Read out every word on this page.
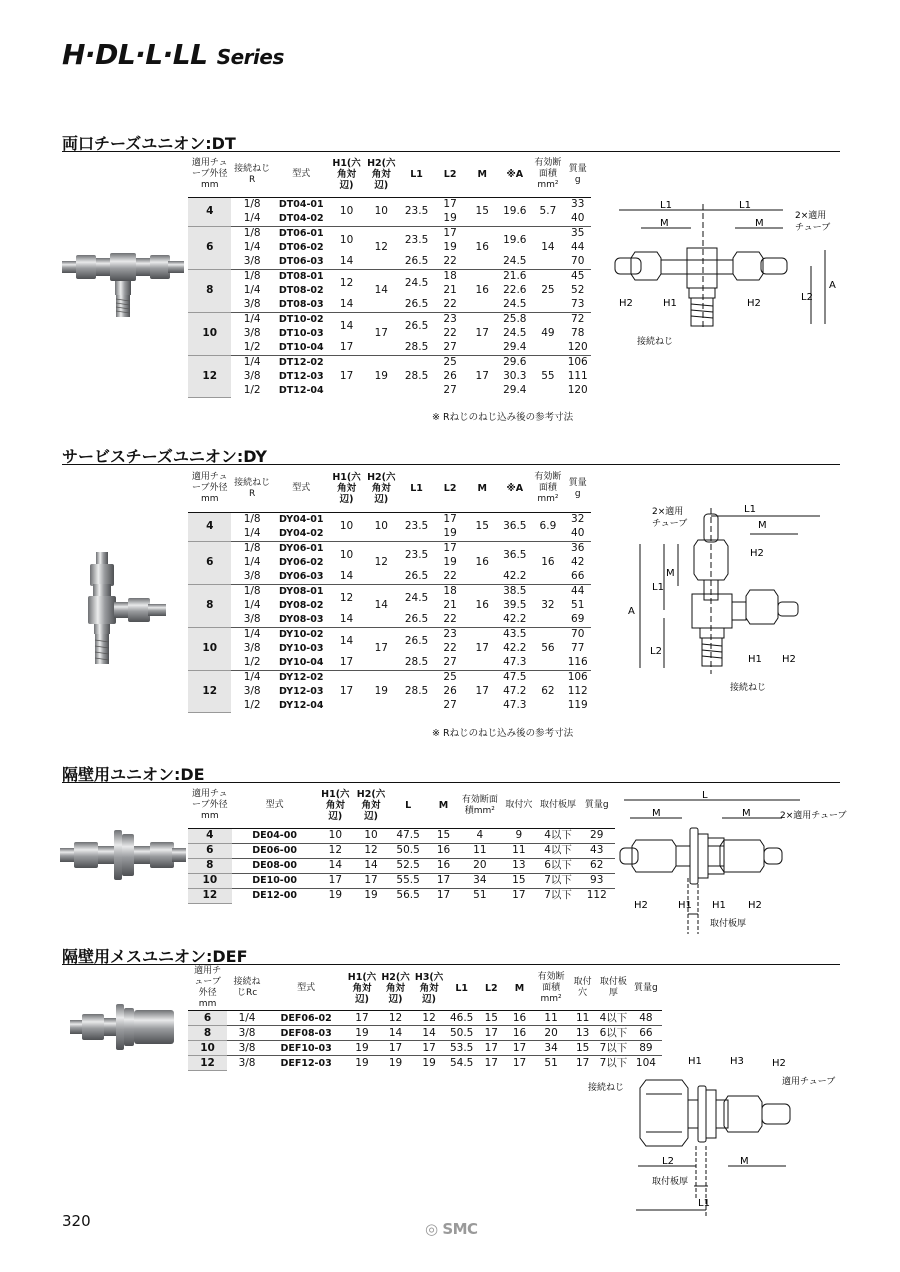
H·DL·L·LL Series
両口チーズユニオン:DT
適用チューブ外径mm	接続ねじR	型式	H1(六角対辺)	H2(六角対辺)	L1	L2	M	※A	有効断面積mm²	質量g
4	1/8	DT04-01	10	10	23.5	17	15	19.6	5.7	33
	1/4	DT04-02				19				40
6	1/8	DT06-01	10	12	23.5	17	16	19.6	14	35
	1/4	DT06-02				19				44
	3/8	DT06-03	14		26.5	22		24.5		70
8	1/8	DT08-01	12	14	24.5	18	16	21.6	25	45
	1/4	DT08-02				21		22.6		52
	3/8	DT08-03	14		26.5	22		24.5		73
10	1/4	DT10-02	14	17	26.5	23	17	25.8	49	72
	3/8	DT10-03				22		24.5		78
	1/2	DT10-04	17		28.5	27		29.4		120
12	1/4	DT12-02	17	19	28.5	25	17	29.6	55	106
	3/8	DT12-03				26		30.3		111
	1/2	DT12-04				27		29.4		120
※ Rねじのねじ込み後の参考寸法
L1	L1
M	M
2×適用
チューブ
A
L2
H2	H1	H2
接続ねじ
サービスチーズユニオン:DY
適用チューブ外径mm	接続ねじR	型式	H1(六角対辺)	H2(六角対辺)	L1	L2	M	※A	有効断面積mm²	質量g
4	1/8	DY04-01	10	10	23.5	17	15	36.5	6.9	32
	1/4	DY04-02				19				40
6	1/8	DY06-01	10	12	23.5	17	16	36.5	16	36
	1/4	DY06-02				19				42
	3/8	DY06-03	14		26.5	22		42.2		66
8	1/8	DY08-01	12	14	24.5	18	16	38.5	32	44
	1/4	DY08-02				21		39.5		51
	3/8	DY08-03	14		26.5	22		42.2		69
10	1/4	DY10-02	14	17	26.5	23	17	43.5	56	70
	3/8	DY10-03				22		42.2		77
	1/2	DY10-04	17		28.5	27		47.3		116
12	1/4	DY12-02	17	19	28.5	25	17	47.5	62	106
	3/8	DY12-03				26		47.2		112
	1/2	DY12-04				27		47.3		119
※ Rねじのねじ込み後の参考寸法
2×適用
チューブ
L1
M
H2
A
L1
M
L2
H1 H2
接続ねじ
隔壁用ユニオン:DE
適用チューブ外径mm	型式	H1(六角対辺)	H2(六角対辺)	L	M	有効断面積mm²	取付穴	取付板厚	質量g
4	DE04-00	10	10	47.5	15	4	9	4以下	29
6	DE06-00	12	12	50.5	16	11	11	4以下	43
8	DE08-00	14	14	52.5	16	20	13	6以下	62
10	DE10-00	17	17	55.5	17	34	15	7以下	93
12	DE12-00	19	19	56.5	17	51	17	7以下	112
L
M	M	2×適用チューブ
H2	H1 H1 H2
取付板厚
隔壁用メスユニオン:DEF
適用チューブ外径mm	接続ねじRc	型式	H1(六角対辺)	H2(六角対辺)	H3(六角対辺)	L1	L2	M	有効断面積mm²	取付穴	取付板厚	質量g
6	1/4	DEF06-02	17	12	12	46.5	15	16	11	11	4以下	48
8	3/8	DEF08-03	19	14	14	50.5	17	16	20	13	6以下	66
10	3/8	DEF10-03	19	17	17	53.5	17	17	34	15	7以下	89
12	3/8	DEF12-03	19	19	19	54.5	17	17	51	17	7以下	104	H1	H3	H2
適用チューブ
接続ねじ
L2	M
取付板厚
L1
320	◎ SMC
